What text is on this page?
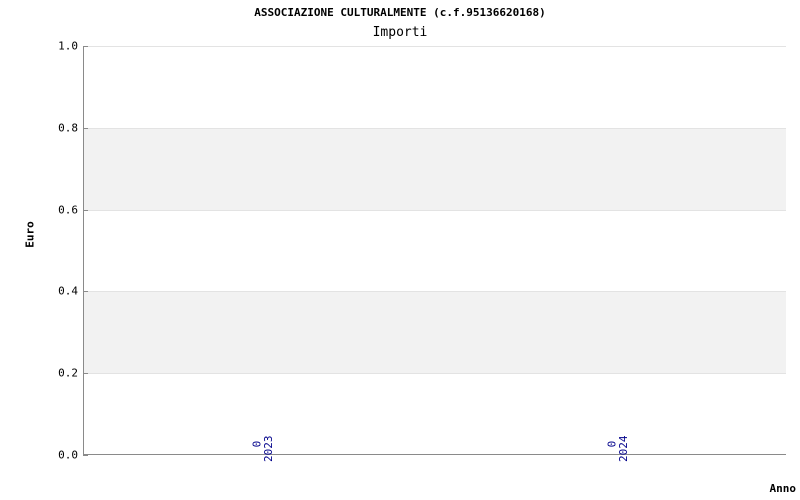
ASSOCIAZIONE CULTURALMENTE (c.f.95136620168)
Importi
0	0
1.0
0.8
0.6
0.4
0.2
0.0
Euro
Anno
2023	2024
